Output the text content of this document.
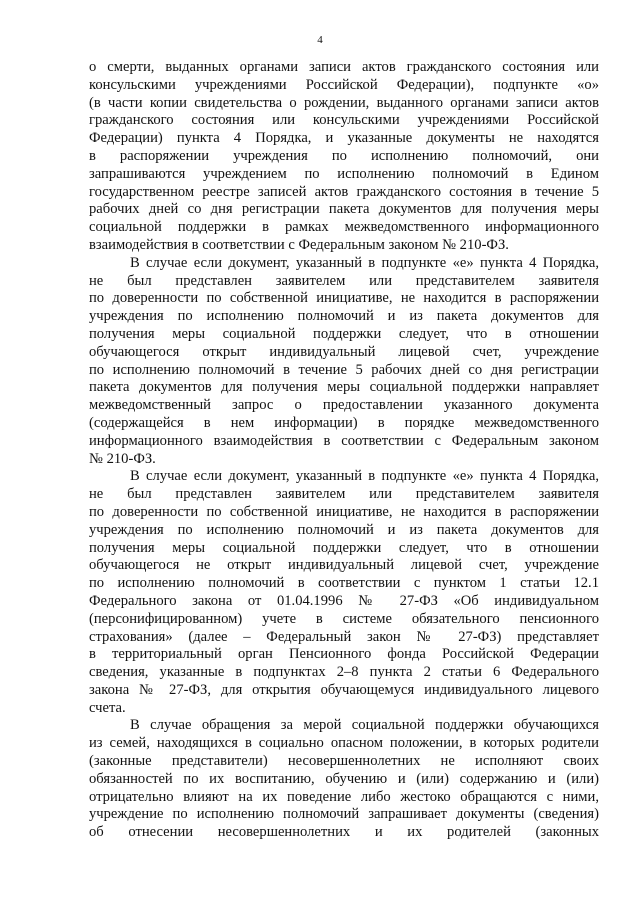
4
о смерти, выданных органами записи актов гражданского состояния или
консульскими учреждениями Российской Федерации), подпункте «о»
(в части копии свидетельства о рождении, выданного органами записи актов
гражданского состояния или консульскими учреждениями Российской
Федерации) пункта 4 Порядка, и указанные документы не находятся
в распоряжении учреждения по исполнению полномочий, они
запрашиваются учреждением по исполнению полномочий в Едином
государственном реестре записей актов гражданского состояния в течение 5
рабочих дней со дня регистрации пакета документов для получения меры
социальной поддержки в рамках межведомственного информационного
взаимодействия в соответствии с Федеральным законом № 210-ФЗ.
В случае если документ, указанный в подпункте «е» пункта 4 Порядка,
не был представлен заявителем или представителем заявителя
по доверенности по собственной инициативе, не находится в распоряжении
учреждения по исполнению полномочий и из пакета документов для
получения меры социальной поддержки следует, что в отношении
обучающегося открыт индивидуальный лицевой счет, учреждение
по исполнению полномочий в течение 5 рабочих дней со дня регистрации
пакета документов для получения меры социальной поддержки направляет
межведомственный запрос о предоставлении указанного документа
(содержащейся в нем информации) в порядке межведомственного
информационного взаимодействия в соответствии с Федеральным законом
№ 210-ФЗ.
В случае если документ, указанный в подпункте «е» пункта 4 Порядка,
не был представлен заявителем или представителем заявителя
по доверенности по собственной инициативе, не находится в распоряжении
учреждения по исполнению полномочий и из пакета документов для
получения меры социальной поддержки следует, что в отношении
обучающегося не открыт индивидуальный лицевой счет, учреждение
по исполнению полномочий в соответствии с пунктом 1 статьи 12.1
Федерального закона от 01.04.1996 № 27-ФЗ «Об индивидуальном
(персонифицированном) учете в системе обязательного пенсионного
страхования» (далее – Федеральный закон № 27-ФЗ) представляет
в территориальный орган Пенсионного фонда Российской Федерации
сведения, указанные в подпунктах 2–8 пункта 2 статьи 6 Федерального
закона № 27-ФЗ, для открытия обучающемуся индивидуального лицевого
счета.
В случае обращения за мерой социальной поддержки обучающихся
из семей, находящихся в социально опасном положении, в которых родители
(законные представители) несовершеннолетних не исполняют своих
обязанностей по их воспитанию, обучению и (или) содержанию и (или)
отрицательно влияют на их поведение либо жестоко обращаются с ними,
учреждение по исполнению полномочий запрашивает документы (сведения)
об отнесении несовершеннолетних и их родителей (законных
